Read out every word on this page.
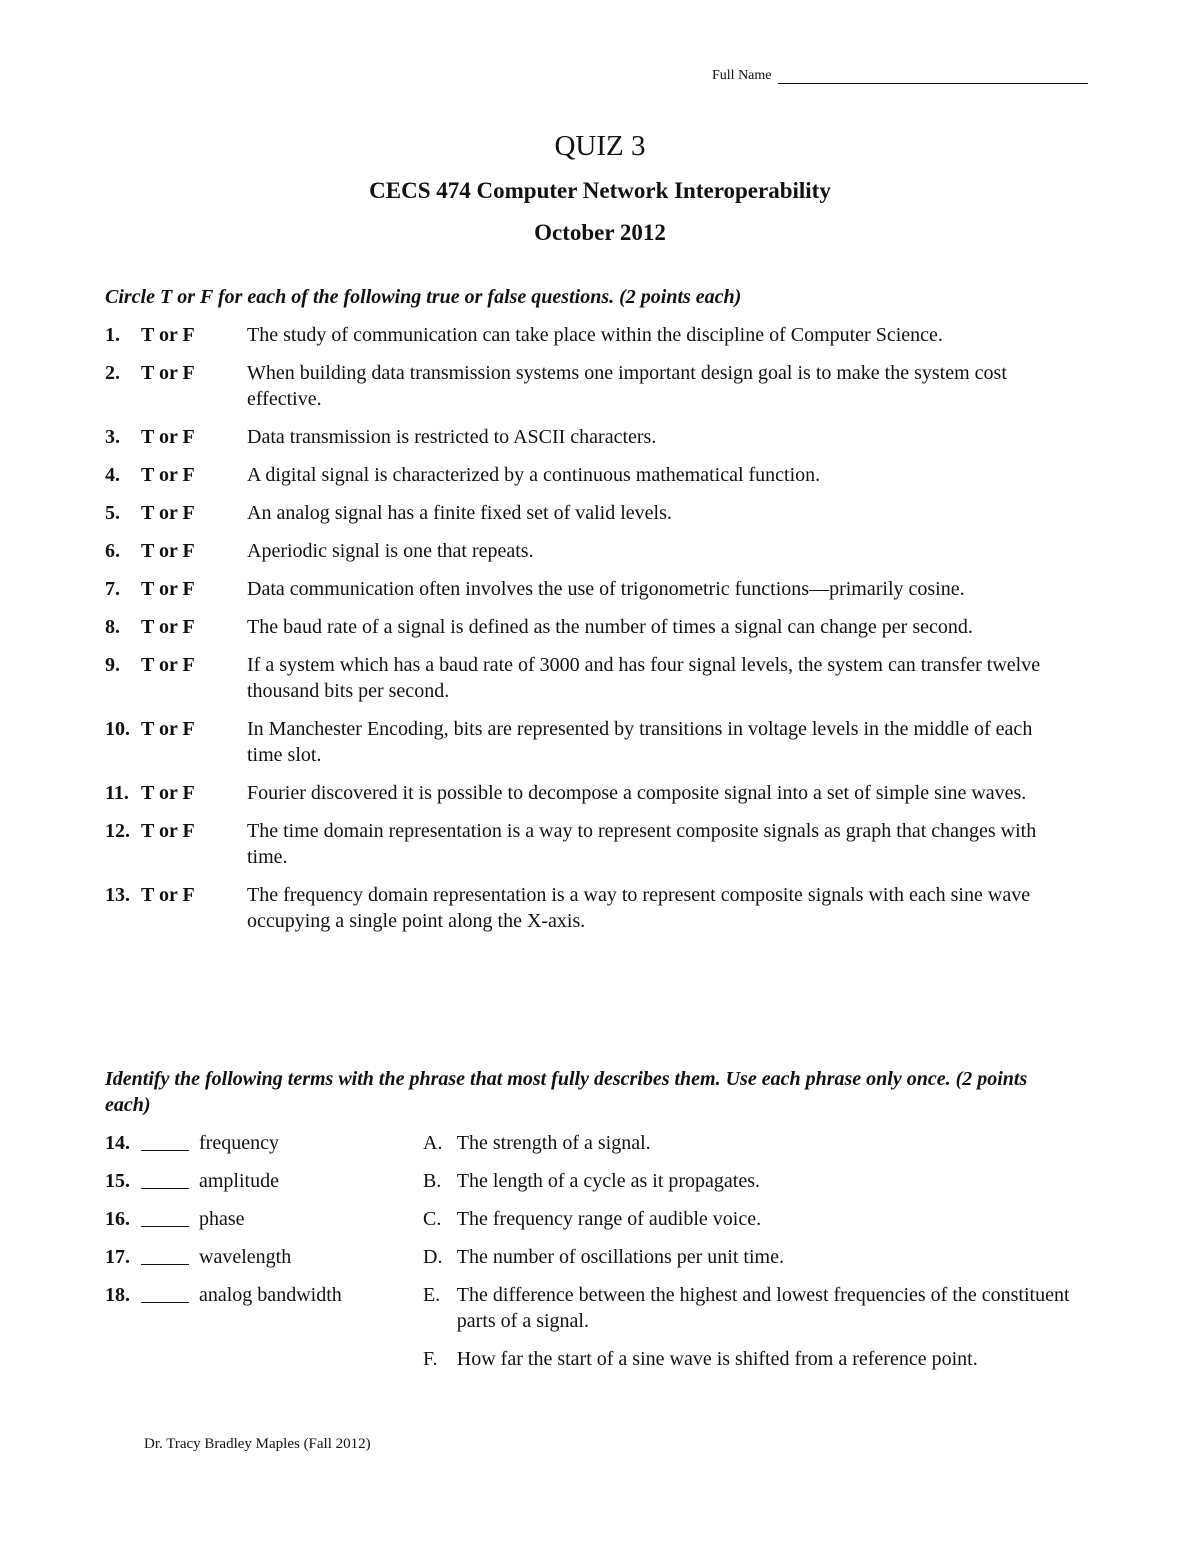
Full Name
QUIZ 3
CECS 474 Computer Network Interoperability
October 2012
Circle T or F for each of the following true or false questions. (2 points each)
1.	T or F	The study of communication can take place within the discipline of Computer Science.
2.	T or F	When building data transmission systems one important design goal is to make the system cost effective.
3.	T or F	Data transmission is restricted to ASCII characters.
4.	T or F	A digital signal is characterized by a continuous mathematical function.
5.	T or F	An analog signal has a finite fixed set of valid levels.
6.	T or F	Aperiodic signal is one that repeats.
7.	T or F	Data communication often involves the use of trigonometric functions—primarily cosine.
8.	T or F	The baud rate of a signal is defined as the number of times a signal can change per second.
9.	T or F	If a system which has a baud rate of 3000 and has four signal levels, the system can transfer twelve thousand bits per second.
10. T or F	In Manchester Encoding, bits are represented by transitions in voltage levels in the middle of each time slot.
11. T or F	Fourier discovered it is possible to decompose a composite signal into a set of simple sine waves.
12. T or F	The time domain representation is a way to represent composite signals as graph that changes with time.
13. T or F	The frequency domain representation is a way to represent composite signals with each sine wave occupying a single point along the X-axis.
Identify the following terms with the phrase that most fully describes them. Use each phrase only once. (2 points each)
14.	frequency	A. The strength of a signal.
15.	amplitude	B. The length of a cycle as it propagates.
16.	phase	C. The frequency range of audible voice.
17.	wavelength	D. The number of oscillations per unit time.
18.	analog bandwidth	E. The difference between the highest and lowest frequencies of the constituent parts of a signal.
F. How far the start of a sine wave is shifted from a reference point.
Dr. Tracy Bradley Maples (Fall 2012)
